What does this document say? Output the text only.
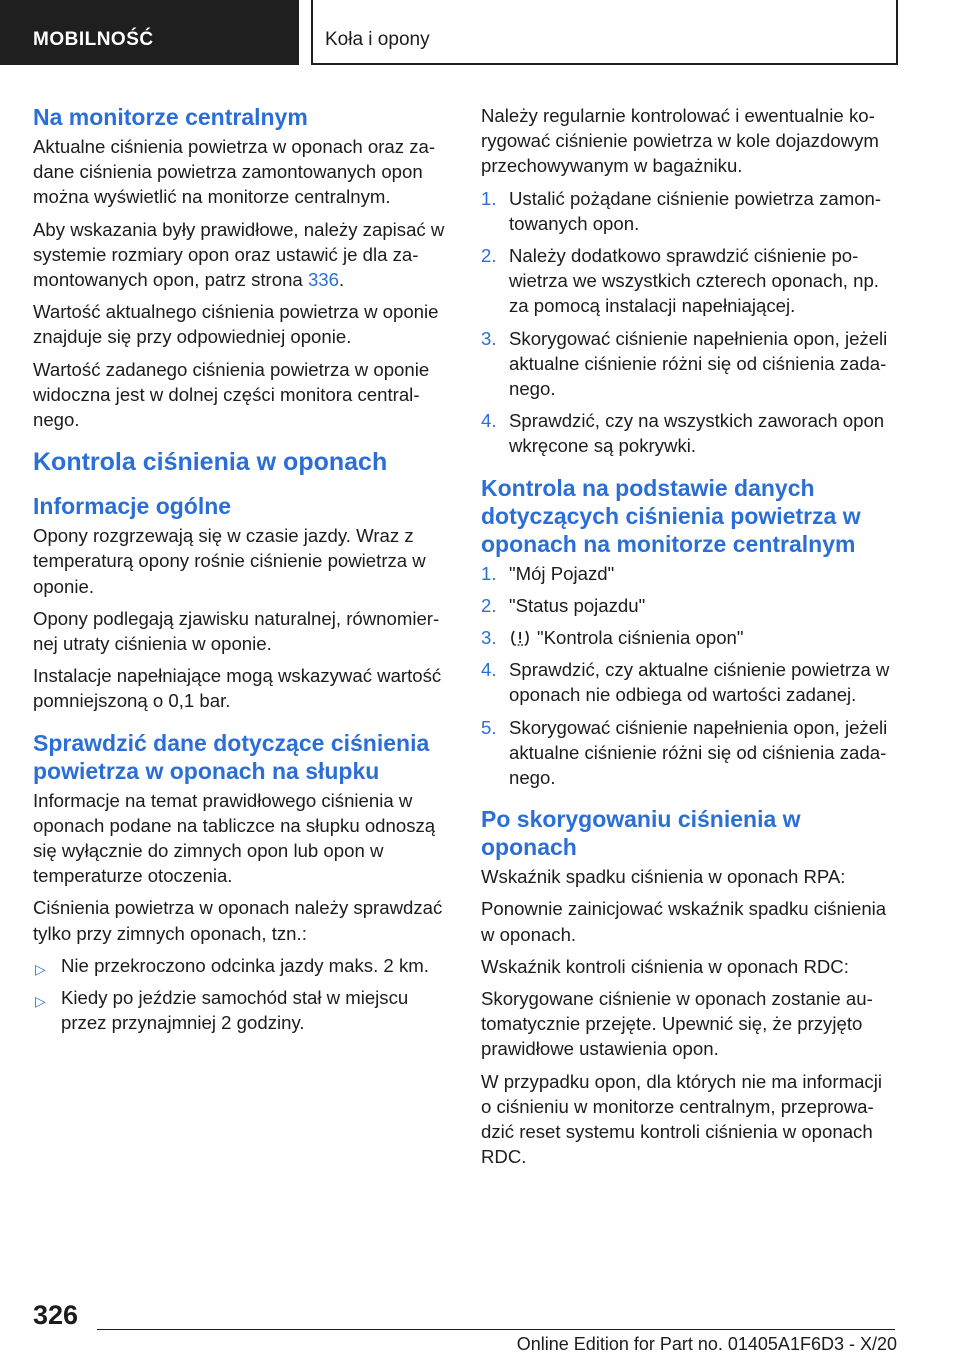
MOBILNOŚĆ	Koła i opony
Na monitorze centralnym

Aktualne ciśnienia powietrza w oponach oraz zadane ciśnienia powietrza zamontowanych opon można wyświetlić na monitorze centralnym.

Aby wskazania były prawidłowe, należy zapisać w systemie rozmiary opon oraz ustawić je dla zamontowanych opon, patrz strona 336.

Wartość aktualnego ciśnienia powietrza w oponie znajduje się przy odpowiedniej oponie.

Wartość zadanego ciśnienia powietrza w oponie widoczna jest w dolnej części monitora centralnego.

Kontrola ciśnienia w oponach
Informacje ogólne

Opony rozgrzewają się w czasie jazdy. Wraz z temperaturą opony rośnie ciśnienie powietrza w oponie.

Opony podlegają zjawisku naturalnej, równomiernej utraty ciśnienia w oponie.

Instalacje napełniające mogą wskazywać wartość pomniejszoną o 0,1 bar.

Sprawdzić dane dotyczące ciśnienia powietrza w oponach na słupku

Informacje na temat prawidłowego ciśnienia w oponach podane na tabliczce na słupku odnoszą się wyłącznie do zimnych opon lub opon w temperaturze otoczenia.

Ciśnienia powietrza w oponach należy sprawdzać tylko przy zimnych oponach, tzn.:

▷ Nie przekroczono odcinka jazdy maks. 2 km.
▷ Kiedy po jeździe samochód stał w miejscu przez przynajmniej 2 godziny.

Należy regularnie kontrolować i ewentualnie korygować ciśnienie powietrza w kole dojazdowym przechowywanym w bagażniku.

1. Ustalić pożądane ciśnienie powietrza zamontowanych opon.
2. Należy dodatkowo sprawdzić ciśnienie powietrza we wszystkich czterech oponach, np. za pomocą instalacji napełniającej.
3. Skorygować ciśnienie napełnienia opon, jeżeli aktualne ciśnienie różni się od ciśnienia zadanego.
4. Sprawdzić, czy na wszystkich zaworach opon wkręcone są pokrywki.
Kontrola na podstawie danych dotyczących ciśnienia powietrza w oponach na monitorze centralnym
1. "Mój Pojazd"
2. "Status pojazdu"
3. "Kontrola ciśnienia opon"
4. Sprawdzić, czy aktualne ciśnienie powietrza w oponach nie odbiega od wartości zadanej.
5. Skorygować ciśnienie napełnienia opon, jeżeli aktualne ciśnienie różni się od ciśnienia zadanego.
Po skorygowaniu ciśnienia w oponach

Wskaźnik spadku ciśnienia w oponach RPA:

Ponownie zainicjować wskaźnik spadku ciśnienia w oponach.

Wskaźnik kontroli ciśnienia w oponach RDC:

Skorygowane ciśnienie w oponach zostanie automatycznie przejęte. Upewnić się, że przyjęto prawidłowe ustawienia opon.

W przypadku opon, dla których nie ma informacji o ciśnieniu w monitorze centralnym, przeprowadzić reset systemu kontroli ciśnienia w oponach RDC.

326
Online Edition for Part no. 01405A1F6D3 - X/20
